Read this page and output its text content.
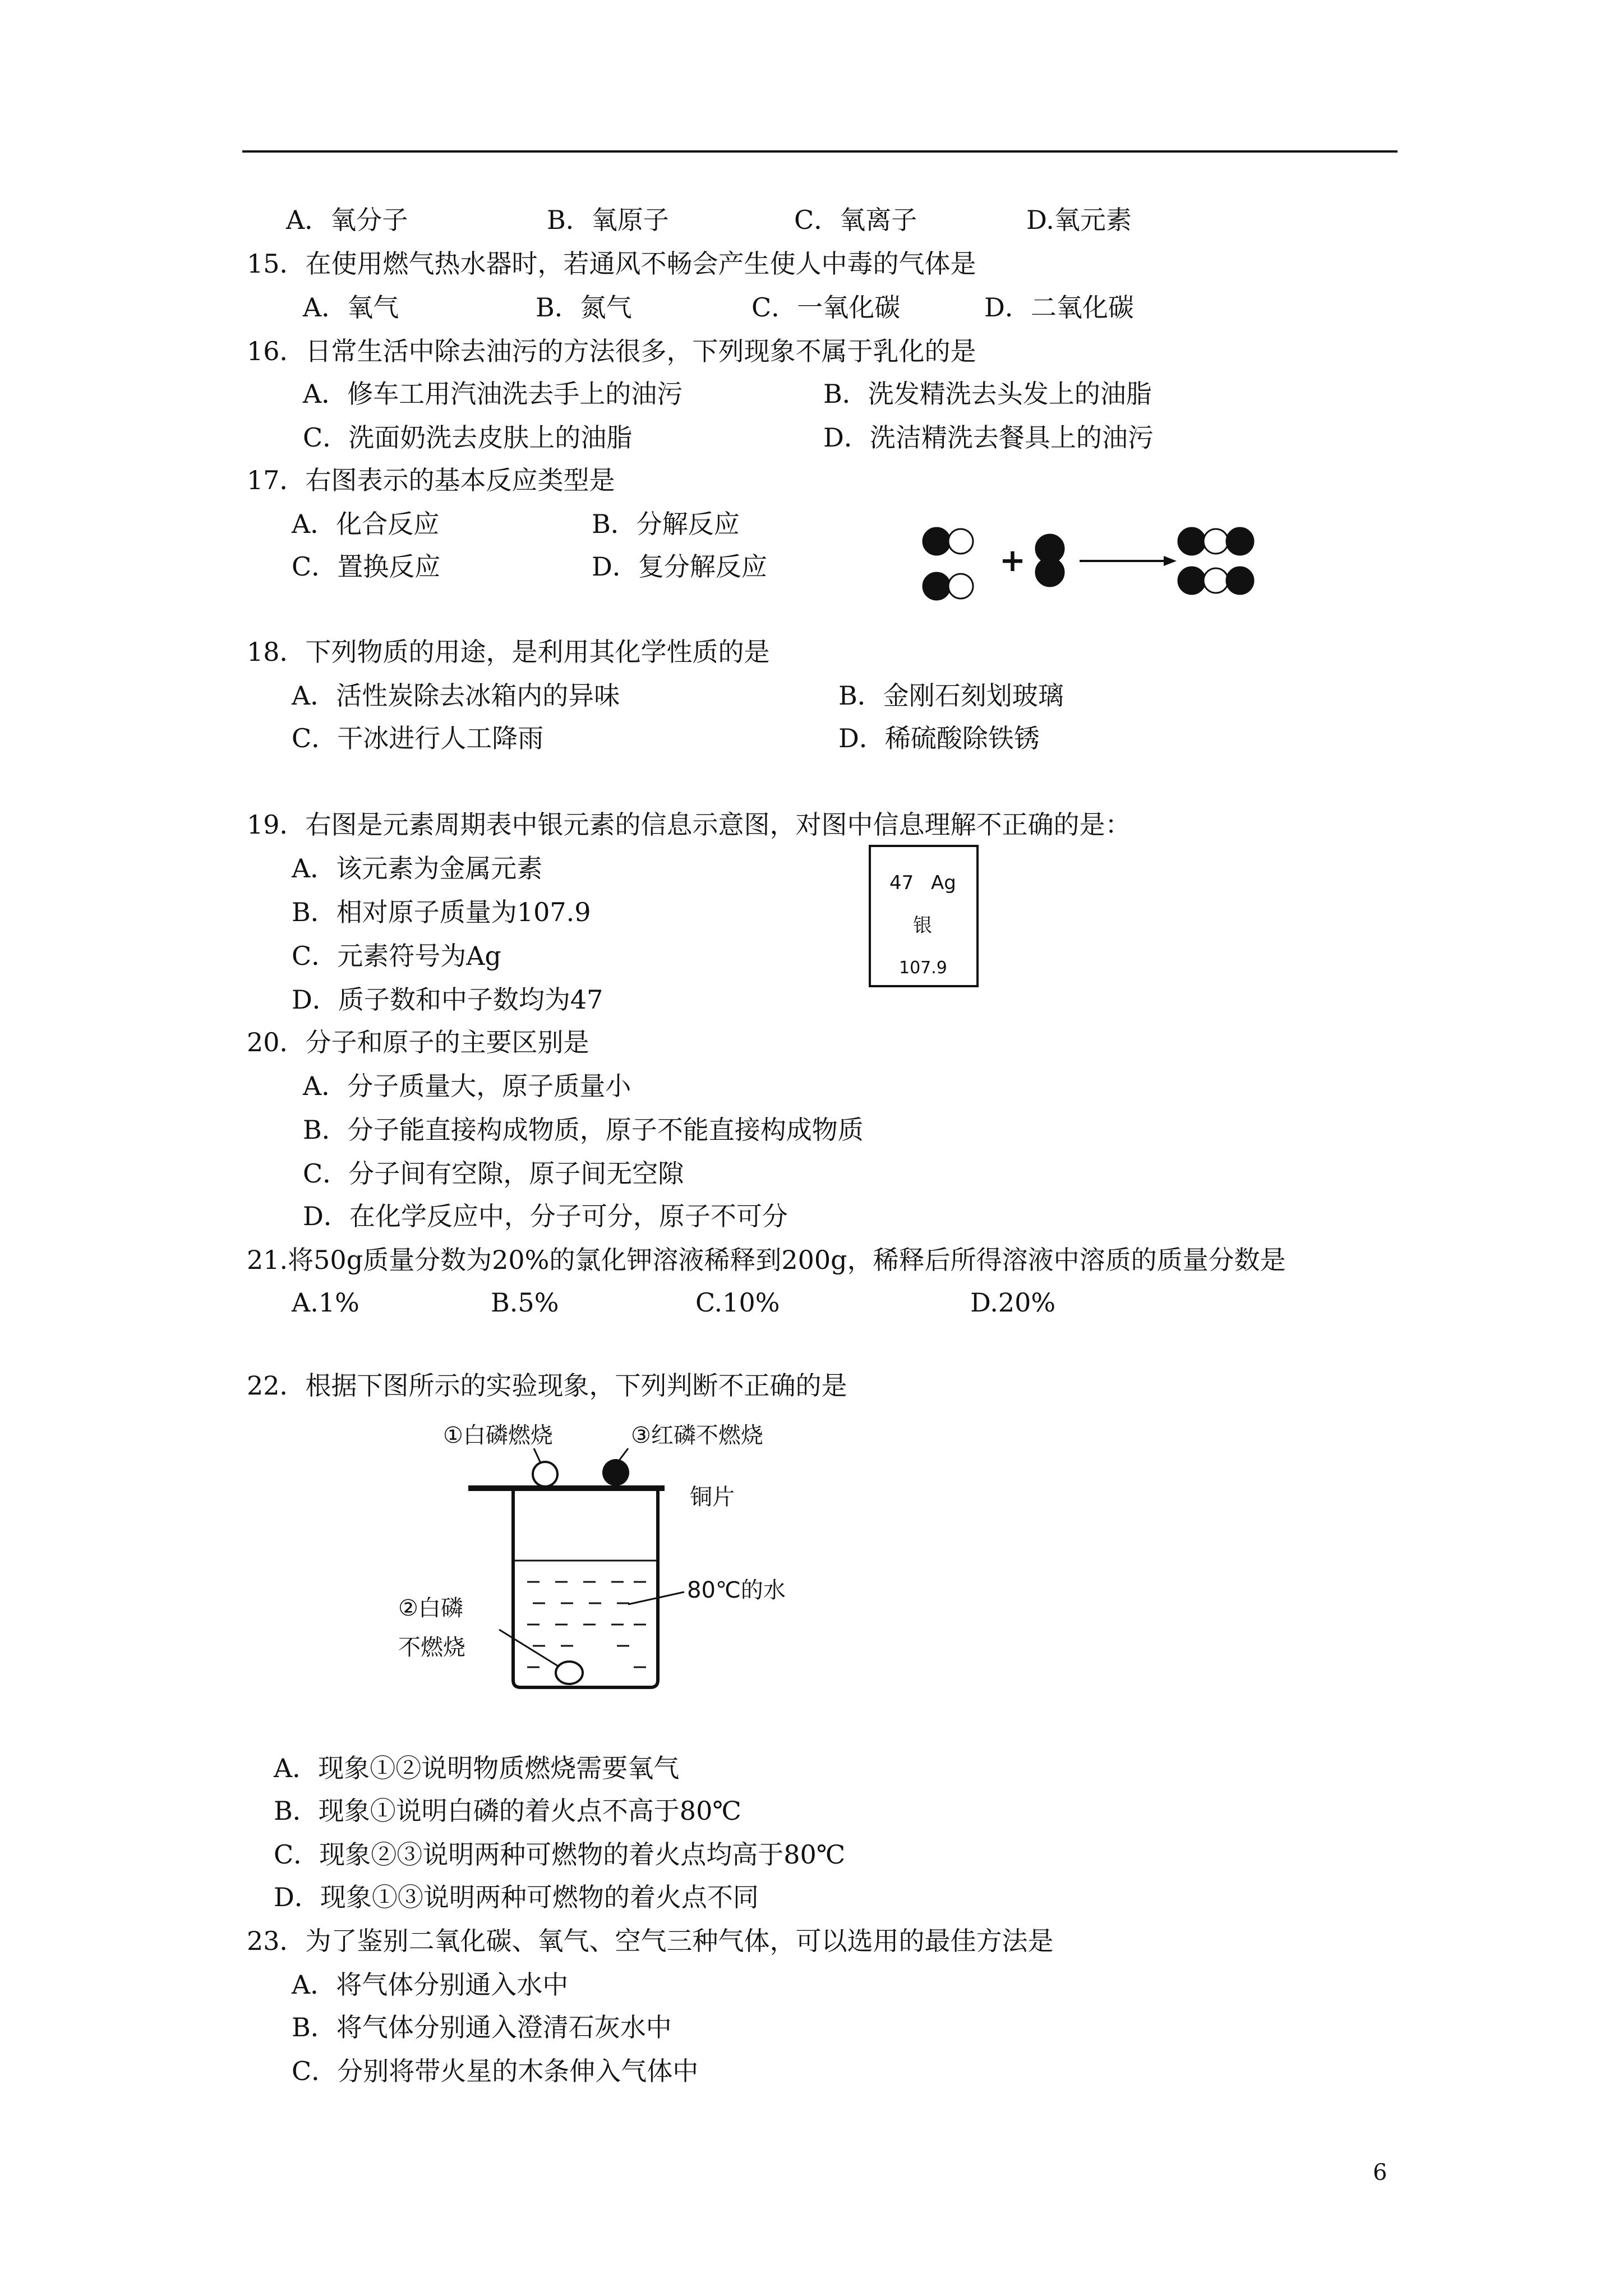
A．氧分子	B．氧原子	C．氧离子	D.氧元素
15．在使用燃气热水器时，若通风不畅会产生使人中毒的气体是
A．氧气	B．氮气	C．一氧化碳	D．二氧化碳
16．日常生活中除去油污的方法很多，下列现象不属于乳化的是
A．修车工用汽油洗去手上的油污	B．洗发精洗去头发上的油脂
C．洗面奶洗去皮肤上的油脂	D．洗洁精洗去餐具上的油污
17．右图表示的基本反应类型是
A．化合反应	B．分解反应
C．置换反应	D．复分解反应	+
18．下列物质的用途，是利用其化学性质的是
A．活性炭除去冰箱内的异味	B．金刚石刻划玻璃
C．干冰进行人工降雨	D．稀硫酸除铁锈
19．右图是元素周期表中银元素的信息示意图，对图中信息理解不正确的是：
A．该元素为金属元素
B．相对原子质量为107.9
C．元素符号为Ag
D．质子数和中子数均为47
47 Ag
银
107.9
20．分子和原子的主要区别是
A．分子质量大，原子质量小
B．分子能直接构成物质，原子不能直接构成物质
C．分子间有空隙，原子间无空隙
D．在化学反应中，分子可分，原子不可分
21.将50g质量分数为20%的氯化钾溶液稀释到200g，稀释后所得溶液中溶质的质量分数是
A.1%	B.5%	C.10%	D.20%
22．根据下图所示的实验现象，下列判断不正确的是
①白磷燃烧	③红磷不燃烧
铜片
80℃的水
②白磷
不燃烧
A．现象①②说明物质燃烧需要氧气
B．现象①说明白磷的着火点不高于80℃
C．现象②③说明两种可燃物的着火点均高于80℃
D．现象①③说明两种可燃物的着火点不同
23．为了鉴别二氧化碳、氧气、空气三种气体，可以选用的最佳方法是
A．将气体分别通入水中
B．将气体分别通入澄清石灰水中
C．分别将带火星的木条伸入气体中
6
